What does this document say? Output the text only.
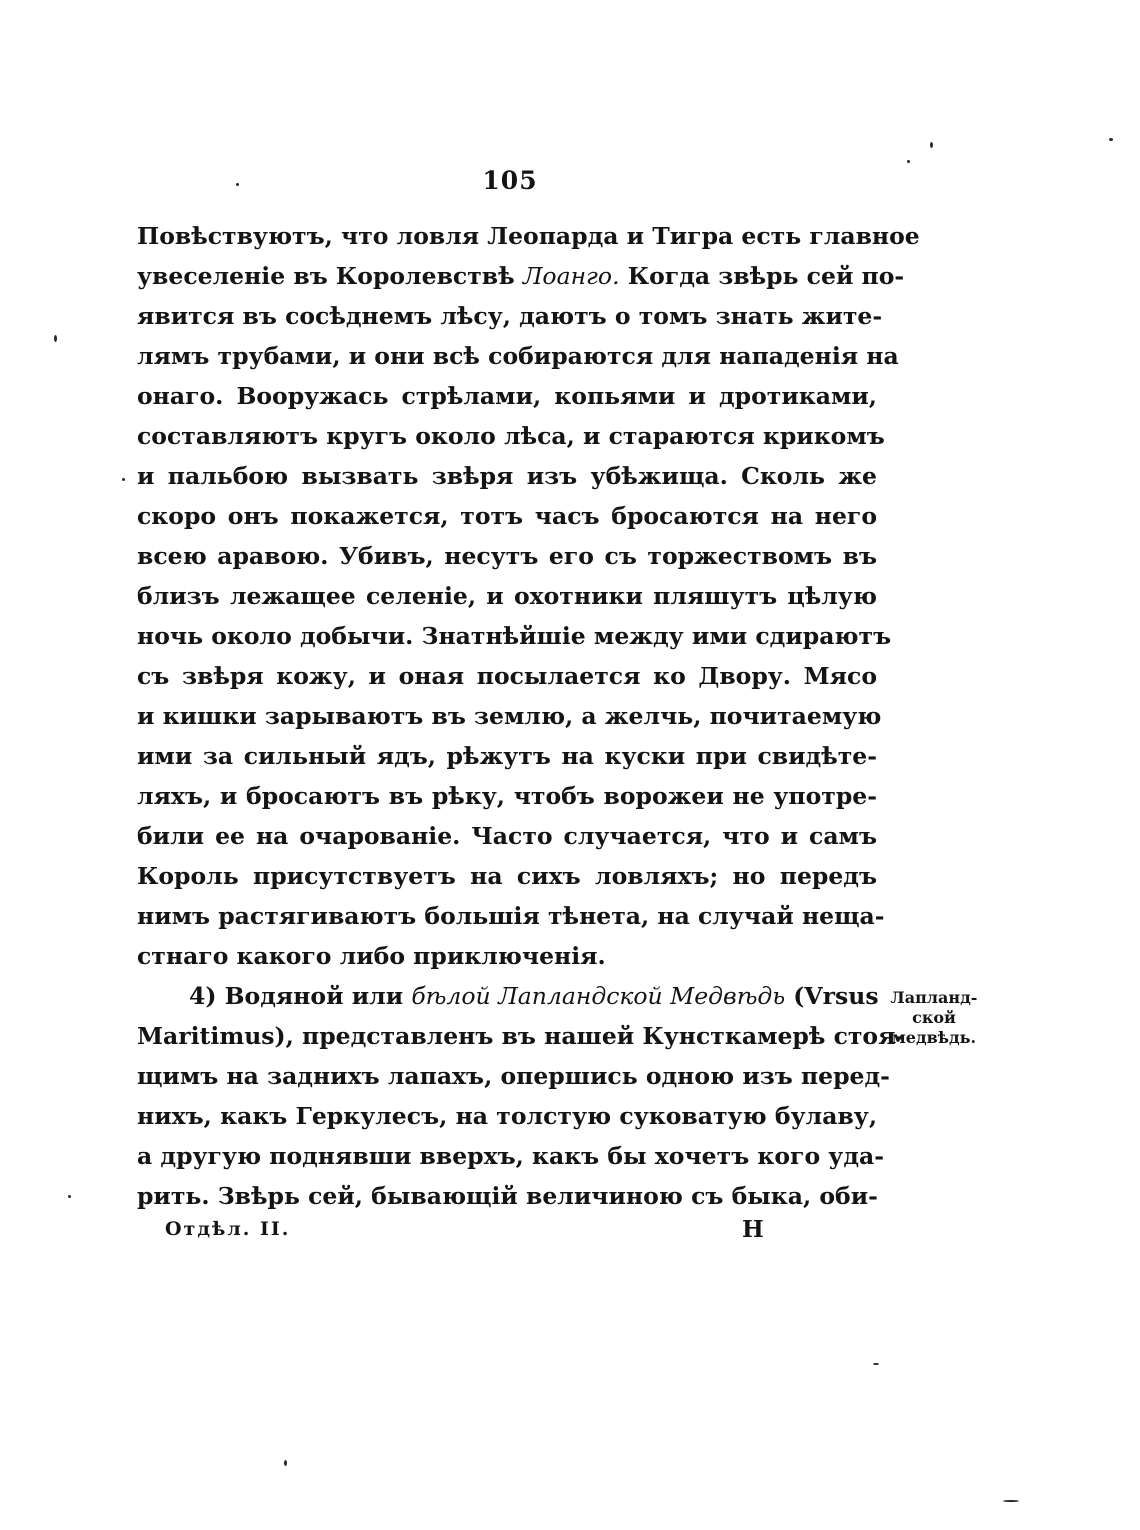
105
Повѣствуютъ, что ловля Леопарда и Тигра есть главное
увеселеніе въ Королевствѣ Лоанго. Когда звѣрь сей по-
явится въ сосѣднемъ лѣсу, даютъ о томъ знать жите-
лямъ трубами, и они всѣ собираются для нападенія на
онаго. Вооружась стрѣлами, копьями и дротиками,
составляютъ кругъ около лѣса, и стараются крикомъ
и пальбою вызвать звѣря изъ убѣжища. Сколь же
скоро онъ покажется, тотъ часъ бросаются на него
всею аравою. Убивъ, несутъ его съ торжествомъ въ
близъ лежащее селеніе, и охотники пляшутъ цѣлую
ночь около добычи. Знатнѣйшіе между ими сдираютъ
съ звѣря кожу, и оная посылается ко Двору. Мясо
и кишки зарываютъ въ землю, а желчь, почитаемую
ими за сильный ядъ, рѣжутъ на куски при свидѣте-
ляхъ, и бросаютъ въ рѣку, чтобъ ворожеи не употре-
били ее на очарованіе. Часто случается, что и самъ
Король присутствуетъ на сихъ ловляхъ; но передъ
нимъ растягиваютъ большія тѣнета, на случай неща-
стнаго какого либо приключенія.
4) Водяной или бѣлой Лапландской Медвѣдь (Vrsus
Maritimus), представленъ въ нашей Кунсткамерѣ стоя-
щимъ на заднихъ лапахъ, опершись одною изъ перед-
нихъ, какъ Геркулесъ, на толстую суковатую булаву,
а другую поднявши вверхъ, какъ бы хочетъ кого уда-
рить. Звѣрь сей, бывающій величиною съ быка, оби-
Лапланд-
ской
медвѣдь.
Отдѣл. II.	Н
